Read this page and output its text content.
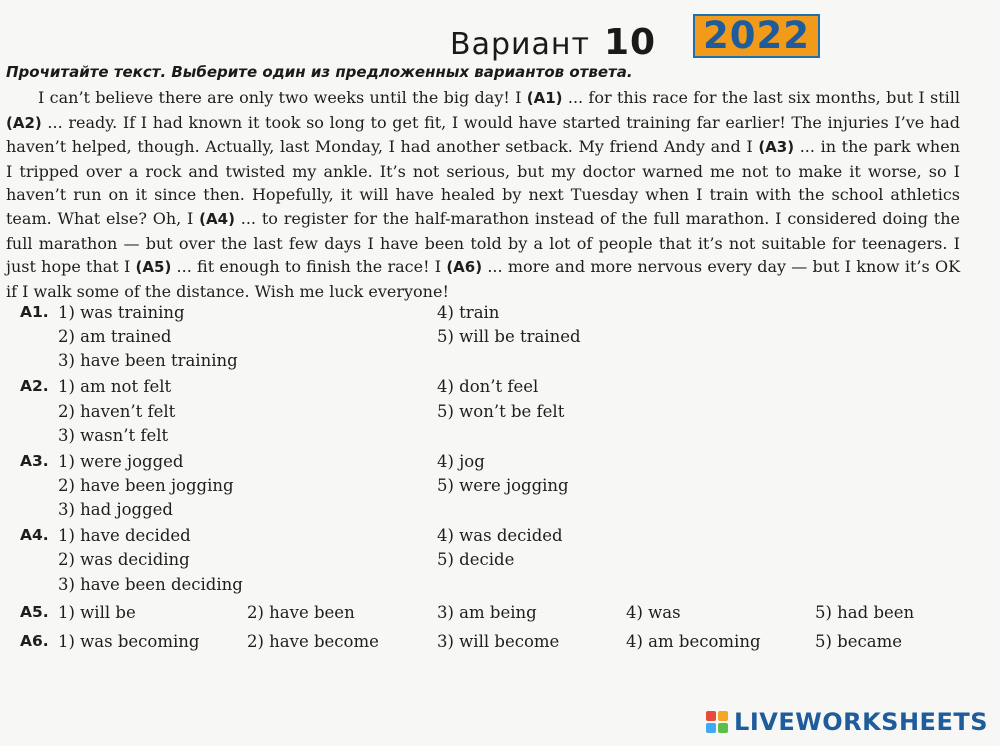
Вариант 10 2022
Прочитайте текст. Выберите один из предложенных вариантов ответа.

I can’t believe there are only two weeks until the big day! I (A1) ... for this race for the last six months, but I still (A2) ... ready. If I had known it took so long to get fit, I would have started training far earlier! The injuries I’ve had haven’t helped, though. Actually, last Monday, I had another setback. My friend Andy and I (A3) ... in the park when I tripped over a rock and twisted my ankle. It’s not serious, but my doctor warned me not to make it worse, so I haven’t run on it since then. Hopefully, it will have healed by next Tuesday when I train with the school athletics team. What else? Oh, I (A4) ... to register for the half-marathon instead of the full marathon. I considered doing the full marathon — but over the last few days I have been told by a lot of people that it’s not suitable for teenagers. I just hope that I (A5) ... fit enough to finish the race! I (A6) ... more and more nervous every day — but I know it’s OK if I walk some of the distance. Wish me luck everyone!

A1. 1) was training	4) train
2) am trained	5) will be trained
3) have been training
A2. 1) am not felt	4) don’t feel
2) haven’t felt	5) won’t be felt
3) wasn’t felt
A3. 1) were jogged	4) jog
2) have been jogging	5) were jogging
3) had jogged
A4. 1) have decided	4) was decided
2) was deciding	5) decide
3) have been deciding
A5. 1) will be	2) have been	3) am being	4) was	5) had been
A6. 1) was becoming	2) have become	3) will become	4) am becoming	5) became
LIVEWORKSHEETS
